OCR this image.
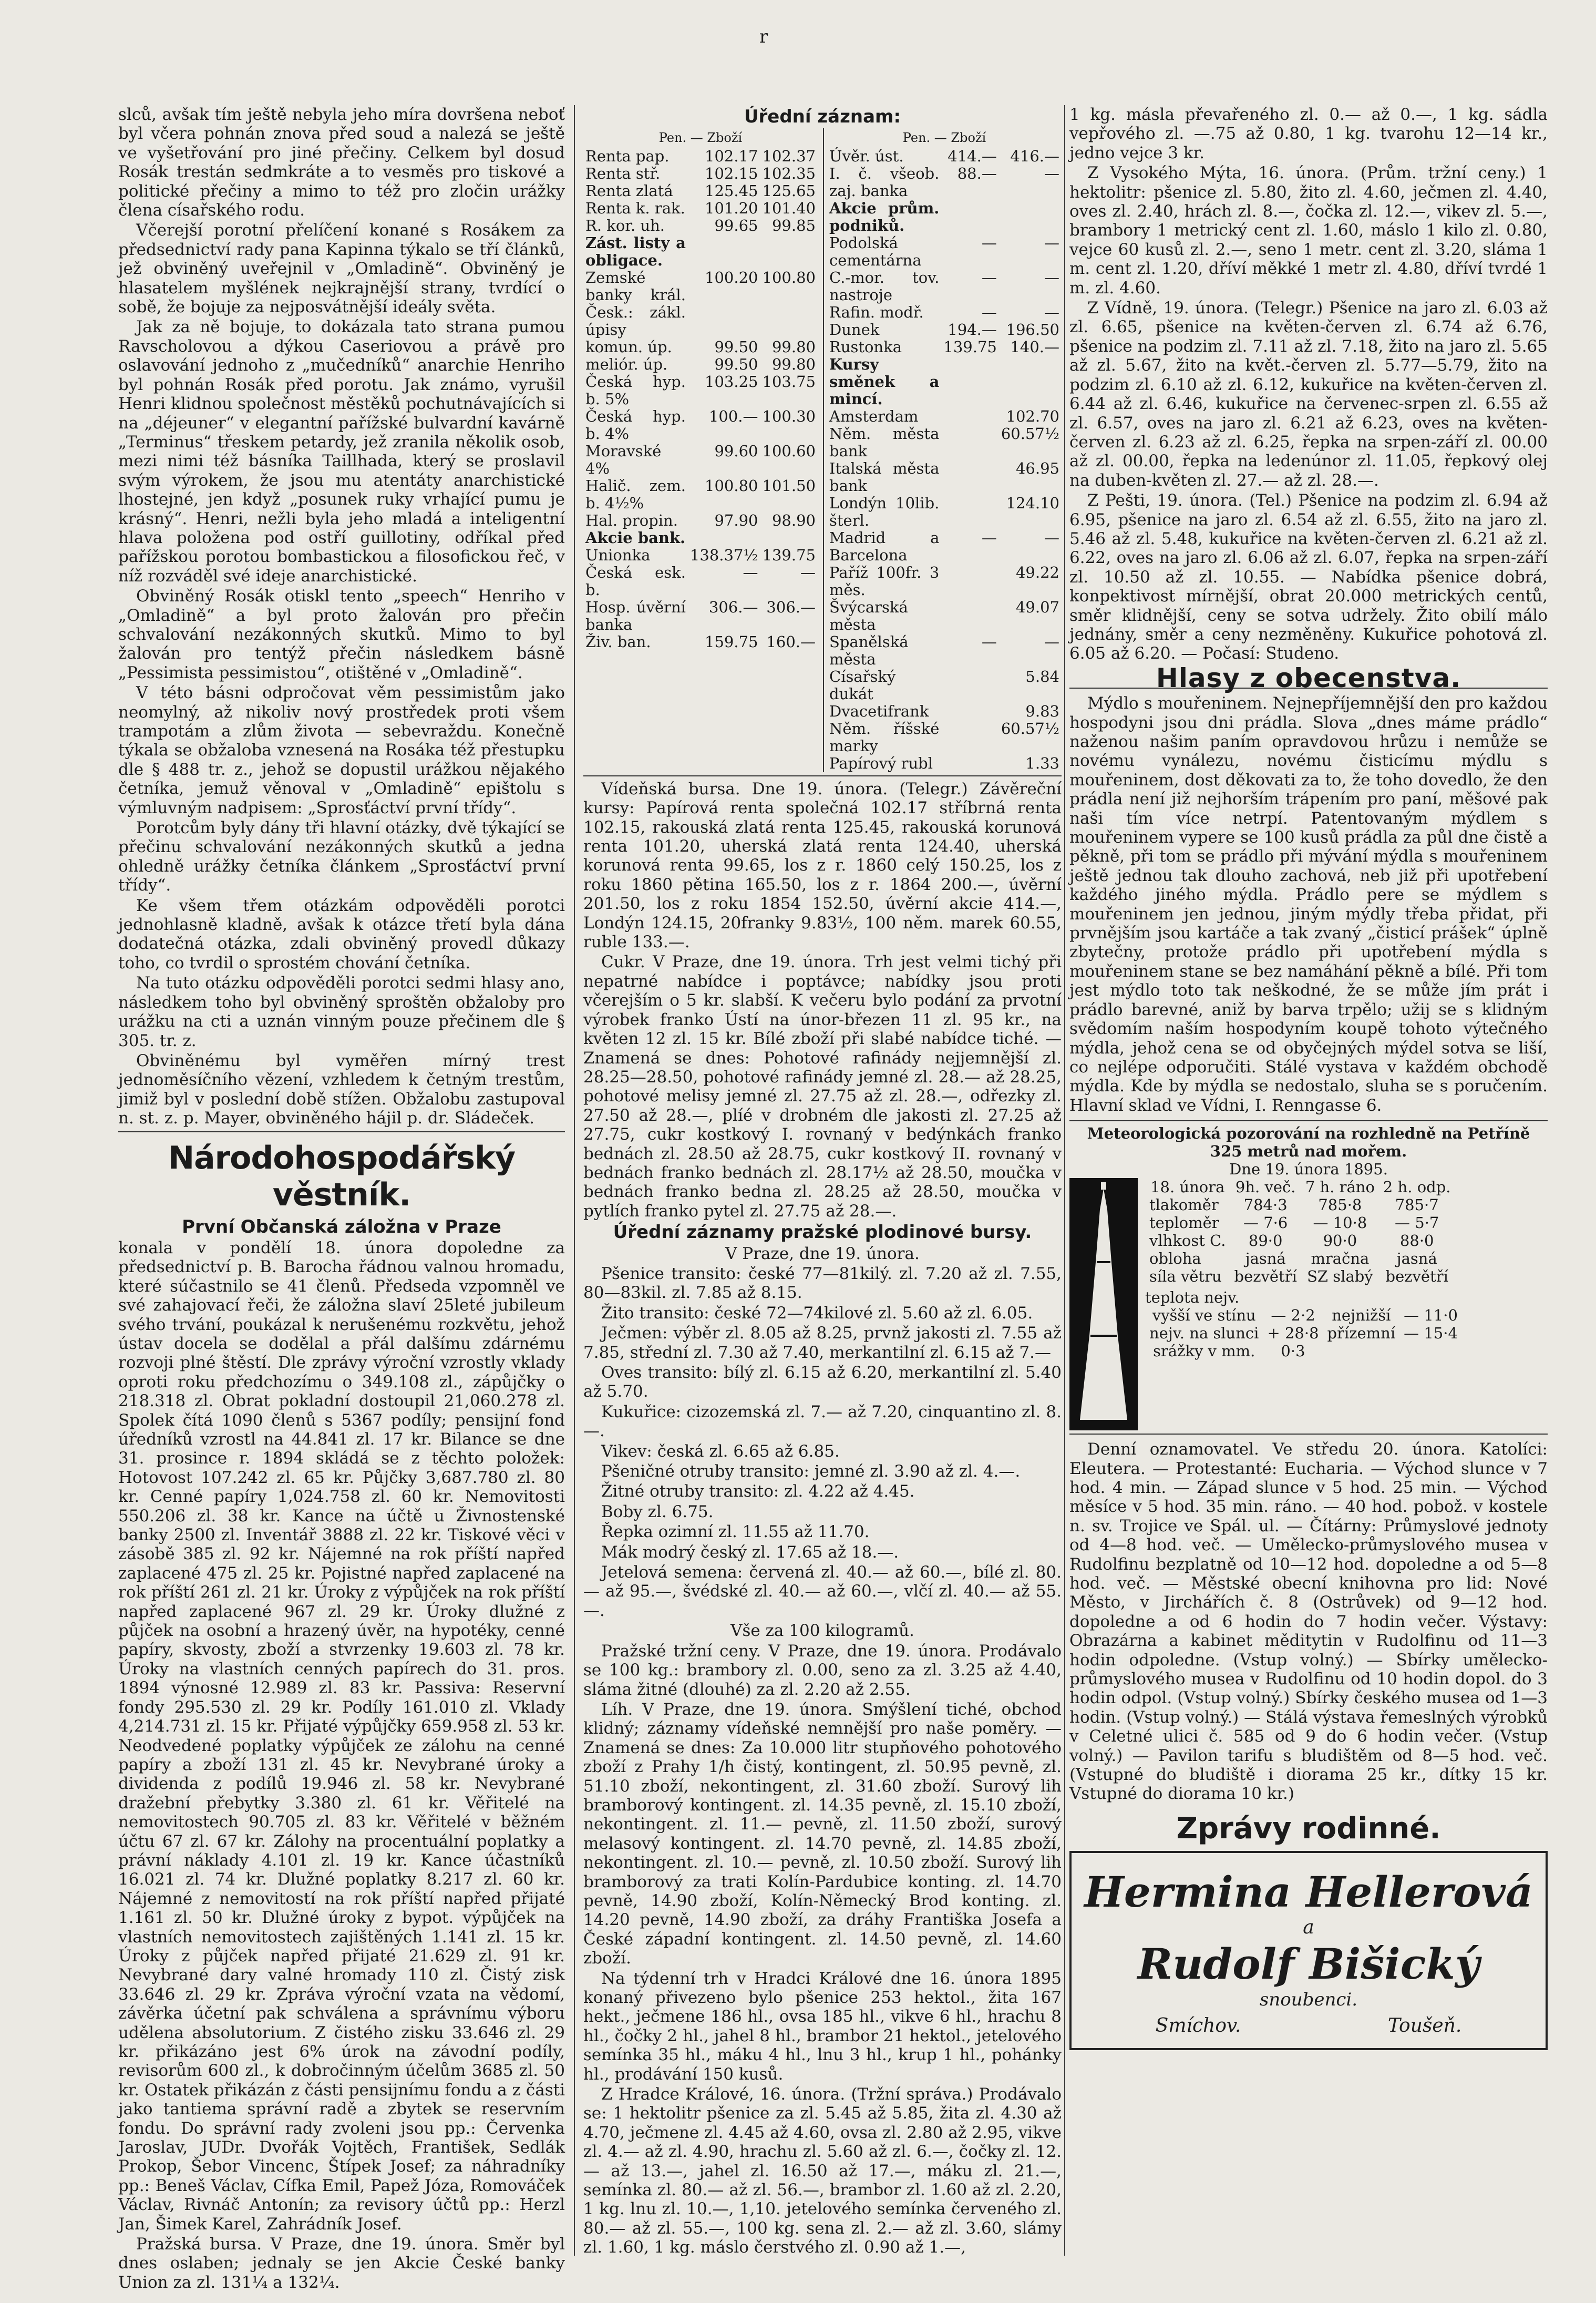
r

slců, avšak tím ještě nebyla jeho míra dovršena neboť byl včera pohnán znova před soud a nalezá se ještě ve vyšetřování pro jiné přečiny. Celkem byl dosud Rosák trestán sedmkráte a to vesměs pro tiskové a politické přečiny a mimo to též pro zločin urážky člena císařského rodu.

Včerejší porotní přelíčení konané s Rosákem za předsednictví rady pana Kapinna týkalo se tří článků, jež obviněný uveřejnil v „Omladině“. Obviněný je hlasatelem myšlének nejkrajnější strany, tvrdící o sobě, že bojuje za nejposvátnější ideály světa.

Jak za ně bojuje, to dokázala tato strana pumou Ravscholovou a dýkou Caseriovou a právě pro oslavování jednoho z „mučedníků“ anarchie Henriho byl pohnán Rosák před porotu. Jak známo, vyrušil Henri klidnou společnost městěků pochutnávajících si na „déjeuner“ v elegantní pařížské bulvardní kavárně „Terminus“ třeskem petardy, jež zranila několik osob, mezi nimi též básníka Taillhada, který se proslavil svým výrokem, že jsou mu atentáty anarchistické lhostejné, jen když „posunek ruky vrhající pumu je krásný“. Henri, nežli byla jeho mladá a inteligentní hlava položena pod ostří guillotiny, odříkal před pařížskou porotou bombastickou a filosofickou řeč, v níž rozváděl své ideje anarchistické.

Obviněný Rosák otiskl tento „speech“ Henriho v „Omladině“ a byl proto žalován pro přečin schvalování nezákonných skutků. Mimo to byl žalován pro tentýž přečin následkem básně „Pessimista pessimistou“, otištěné v „Omladině“.

V této básni odpročovat věm pessimistům jako neomylný, až nikoliv nový prostředek proti všem trampotám a zlům života — sebevraždu. Konečně týkala se obžaloba vznesená na Rosáka též přestupku dle § 488 tr. z., jehož se dopustil urážkou nějakého četníka, jemuž věnoval v „Omladině“ epištolu s výmluvným nadpisem: „Sprosťáctví první třídy“.

Porotcům byly dány tři hlavní otázky, dvě týkající se přečinu schvalování nezákonných skutků a jedna ohledně urážky četníka článkem „Sprosťáctví první třídy“.

Ke všem třem otázkám odpověděli porotci jednohlasně kladně, avšak k otázce třetí byla dána dodatečná otázka, zdali obviněný provedl důkazy toho, co tvrdil o sprostém chování četníka.

Na tuto otázku odpověděli porotci sedmi hlasy ano, následkem toho byl obviněný sproštěn obžaloby pro urážku na cti a uznán vinným pouze přečinem dle § 305. tr. z.

Obviněnému byl vyměřen mírný trest jednoměsíčního vězení, vzhledem k četným trestům, jimiž byl v poslední době stížen. Obžalobu zastupoval n. st. z. p. Mayer, obviněného hájil p. dr. Sládeček.

Národohospodářský věstník.
První Občanská záložna v Praze

konala v pondělí 18. února dopoledne za předsednictví p. B. Barocha řádnou valnou hromadu, které súčastnilo se 41 členů. Předseda vzpomněl ve své zahajovací řeči, že záložna slaví 25leté jubileum svého trvání, poukázal k nerušenému rozkvětu, jehož ústav docela se dodělal a přál dalšímu zdárnému rozvoji plné štěstí. Dle zprávy výroční vzrostly vklady oproti roku předchozímu o 349.108 zl., zápůjčky o 218.318 zl. Obrat pokladní dostoupil 21,060.278 zl. Spolek čítá 1090 členů s 5367 podíly; pensijní fond úředníků vzrostl na 44.841 zl. 17 kr. Bilance se dne 31. prosince r. 1894 skládá se z těchto položek: Hotovost 107.242 zl. 65 kr. Půjčky 3,687.780 zl. 80 kr. Cenné papíry 1,024.758 zl. 60 kr. Nemovitosti 550.206 zl. 38 kr. Kance na účtě u Živnostenské banky 2500 zl. Inventář 3888 zl. 22 kr. Tiskové věci v zásobě 385 zl. 92 kr. Nájemné na rok příští napřed zaplacené 475 zl. 25 kr. Pojistné napřed zaplacené na rok příští 261 zl. 21 kr. Úroky z výpůjček na rok příští napřed zaplacené 967 zl. 29 kr. Úroky dlužné z půjček na osobní a hrazený úvěr, na hypotéky, cenné papíry, skvosty, zboží a stvrzenky 19.603 zl. 78 kr. Úroky na vlastních cenných papírech do 31. pros. 1894 výnosné 12.989 zl. 83 kr. Passiva: Reservní fondy 295.530 zl. 29 kr. Podíly 161.010 zl. Vklady 4,214.731 zl. 15 kr. Přijaté výpůjčky 659.958 zl. 53 kr. Neodvedené poplatky výpůjček ze zálohu na cenné papíry a zboží 131 zl. 45 kr. Nevybrané úroky a dividenda z podílů 19.946 zl. 58 kr. Nevybrané dražební přebytky 3.380 zl. 61 kr. Věřitelé na nemovitostech 90.705 zl. 83 kr. Věřitelé v běžném účtu 67 zl. 67 kr. Zálohy na procentuální poplatky a právní náklady 4.101 zl. 19 kr. Kance účastníků 16.021 zl. 74 kr. Dlužné poplatky 8.217 zl. 60 kr. Nájemné z nemovitostí na rok příští napřed přijaté 1.161 zl. 50 kr. Dlužné úroky z bypot. výpůjček na vlastních nemovitostech zajištěných 1.141 zl. 15 kr. Úroky z půjček napřed přijaté 21.629 zl. 91 kr. Nevybrané dary valné hromady 110 zl. Čistý zisk 33.646 zl. 29 kr. Zpráva výroční vzata na vědomí, závěrka účetní pak schválena a správnímu výboru udělena absolutorium. Z čistého zisku 33.646 zl. 29 kr. přikázáno jest 6% úrok na závodní podíly, revisorům 600 zl., k dobročinným účelům 3685 zl. 50 kr. Ostatek přikázán z části pensijnímu fondu a z části jako tantiema správní radě a zbytek se reservním fondu. Do správní rady zvoleni jsou pp.: Červenka Jaroslav, JUDr. Dvořák Vojtěch, František, Sedlák Prokop, Šebor Vincenc, Štípek Josef; za náhradníky pp.: Beneš Václav, Cífka Emil, Papež Józa, Romováček Václav, Rivnáč Antonín; za revisory účtů pp.: Herzl Jan, Šimek Karel, Zahrádník Josef.

Pražská bursa. V Praze, dne 19. února. Směr byl dnes oslaben; jednaly se jen Akcie České banky Union za zl. 131¼ a 132¼.

Úřední záznam:
Pen. — Zboží
Renta pap.	102.17	102.37
Renta stř.	102.15	102.35
Renta zlatá	125.45	125.65
Renta k. rak.	101.20	101.40
R. kor. uh.	99.65	99.85
Zást. listy a obligace.		
Zemské banky král. Česk.: zákl. úpisy	100.20	100.80
komun. úp.	99.50	99.80
meliór. úp.	99.50	99.80
Česká hyp. b. 5%	103.25	103.75
Česká hyp. b. 4%	100.—	100.30
Moravské 4%	99.60	100.60
Halič. zem. b. 4½%	100.80	101.50
Hal. propin.	97.90	98.90
Akcie bank.		
Unionka	138.37½	139.75
Česká esk. b.	—	—
Hosp. úvěrní banka	306.—	306.—
Živ. ban.	159.75	160.—
Pen. — Zboží
Úvěr. úst.	414.—	416.—
I. č. všeob. zaj. banka	88.—	—
Akcie prům. podniků.		
Podolská cementárna	—	—
C.-mor. tov. nastroje	—	—
Rafin. modř.	—	—
Dunek	194.—	196.50
Rustonka	139.75	140.—
Kursy směnek a mincí.		
Amsterdam		102.70
Něm. města bank		60.57½
Italská města bank		46.95
Londýn 10lib. šterl.		124.10
Madrid a Barcelona	—	—
Paříž 100fr. 3 měs.		49.22
Švýcarská města		49.07
Spanělská města	—	—
Císařský dukát		5.84
Dvacetifrank		9.83
Něm. říšské marky		60.57½
Papírový rubl		1.33

Vídeňská bursa. Dne 19. února. (Telegr.) Závěreční kursy: Papírová renta společná 102.17 stříbrná renta 102.15, rakouská zlatá renta 125.45, rakouská korunová renta 101.20, uherská zlatá renta 124.40, uherská korunová renta 99.65, los z r. 1860 celý 150.25, los z roku 1860 pětina 165.50, los z r. 1864 200.—, úvěrní 201.50, los z roku 1854 152.50, úvěrní akcie 414.—, Londýn 124.15, 20franky 9.83½, 100 něm. marek 60.55, ruble 133.—.

Cukr. V Praze, dne 19. února. Trh jest velmi tichý při nepatrné nabídce i poptávce; nabídky jsou proti včerejším o 5 kr. slabší. K večeru bylo podání za prvotní výrobek franko Ústí na únor-březen 11 zl. 95 kr., na květen 12 zl. 15 kr. Bílé zboží při slabé nabídce tiché. — Znamená se dnes: Pohotové rafinády nejjemnější zl. 28.25—28.50, pohotové rafinády jemné zl. 28.— až 28.25, pohotové melisy jemné zl. 27.75 až zl. 28.—, odřezky zl. 27.50 až 28.—, plíé v drobném dle jakosti zl. 27.25 až 27.75, cukr kostkový I. rovnaný v bedýnkách franko bednách zl. 28.50 až 28.75, cukr kostkový II. rovnaný v bednách franko bednách zl. 28.17½ až 28.50, moučka v bednách franko bedna zl. 28.25 až 28.50, moučka v pytlích franko pytel zl. 27.75 až 28.—.

Úřední záznamy pražské plodinové bursy.

V Praze, dne 19. února.

Pšenice transito: české 77—81kilý. zl. 7.20 až zl. 7.55, 80—83kil. zl. 7.85 až 8.15.

Žito transito: české 72—74kilové zl. 5.60 až zl. 6.05.

Ječmen: výběr zl. 8.05 až 8.25, prvnž jakosti zl. 7.55 až 7.85, střední zl. 7.30 až 7.40, merkantilní zl. 6.15 až 7.—

Oves transito: bílý zl. 6.15 až 6.20, merkantilní zl. 5.40 až 5.70.

Kukuřice: cizozemská zl. 7.— až 7.20, cinquantino zl. 8.—.

Vikev: česká zl. 6.65 až 6.85.

Pšeničné otruby transito: jemné zl. 3.90 až zl. 4.—.

Žitné otruby transito: zl. 4.22 až 4.45.

Boby zl. 6.75.

Řepka ozimní zl. 11.55 až 11.70.

Mák modrý český zl. 17.65 až 18.—.

Jetelová semena: červená zl. 40.— až 60.—, bílé zl. 80.— až 95.—, švédské zl. 40.— až 60.—, vlčí zl. 40.— až 55.—.

Vše za 100 kilogramů.

Pražské tržní ceny. V Praze, dne 19. února. Prodávalo se 100 kg.: brambory zl. 0.00, seno za zl. 3.25 až 4.40, sláma žitné (dlouhé) za zl. 2.20 až 2.55.

Líh. V Praze, dne 19. února. Smýšlení tiché, obchod klidný; záznamy vídeňské nemnější pro naše poměry. — Znamená se dnes: Za 10.000 litr stupňového pohotového zboží z Prahy 1/h čistý, kontingent, zl. 50.95 pevně, zl. 51.10 zboží, nekontingent, zl. 31.60 zboží. Surový lih bramborový kontingent. zl. 14.35 pevně, zl. 15.10 zboží, nekontingent. zl. 11.— pevně, zl. 11.50 zboží, surový melasový kontingent. zl. 14.70 pevně, zl. 14.85 zboží, nekontingent. zl. 10.— pevně, zl. 10.50 zboží. Surový lih bramborový za trati Kolín-Pardubice konting. zl. 14.70 pevně, 14.90 zboží, Kolín-Německý Brod konting. zl. 14.20 pevně, 14.90 zboží, za dráhy Františka Josefa a České západní kontingent. zl. 14.50 pevně, zl. 14.60 zboží.

Na týdenní trh v Hradci Králové dne 16. února 1895 konaný přivezeno bylo pšenice 253 hektol., žita 167 hekt., ječmene 186 hl., ovsa 185 hl., vikve 6 hl., hrachu 8 hl., čočky 2 hl., jahel 8 hl., brambor 21 hektol., jetelového semínka 35 hl., máku 4 hl., lnu 3 hl., krup 1 hl., pohánky hl., prodávání 150 kusů.

Z Hradce Králové, 16. února. (Tržní správa.) Prodávalo se: 1 hektolitr pšenice za zl. 5.45 až 5.85, žita zl. 4.30 až 4.70, ječmene zl. 4.45 až 4.60, ovsa zl. 2.80 až 2.95, vikve zl. 4.— až zl. 4.90, hrachu zl. 5.60 až zl. 6.—, čočky zl. 12.— až 13.—, jahel zl. 16.50 až 17.—, máku zl. 21.—, semínka zl. 80.— až zl. 56.—, brambor zl. 1.60 až zl. 2.20, 1 kg. lnu zl. 10.—, 1,10. jetelového semínka červeného zl. 80.— až zl. 55.—, 100 kg. sena zl. 2.— až zl. 3.60, slámy zl. 1.60, 1 kg. máslo čerstvého zl. 0.90 až 1.—,

1 kg. másla převařeného zl. 0.— až 0.—, 1 kg. sádla vepřového zl. —.75 až 0.80, 1 kg. tvarohu 12—14 kr., jedno vejce 3 kr.

Z Vysokého Mýta, 16. února. (Prům. tržní ceny.) 1 hektolitr: pšenice zl. 5.80, žito zl. 4.60, ječmen zl. 4.40, oves zl. 2.40, hrách zl. 8.—, čočka zl. 12.—, vikev zl. 5.—, brambory 1 metrický cent zl. 1.60, máslo 1 kilo zl. 0.80, vejce 60 kusů zl. 2.—, seno 1 metr. cent zl. 3.20, sláma 1 m. cent zl. 1.20, dříví měkké 1 metr zl. 4.80, dříví tvrdé 1 m. zl. 4.60.

Z Vídně, 19. února. (Telegr.) Pšenice na jaro zl. 6.03 až zl. 6.65, pšenice na květen-červen zl. 6.74 až 6.76, pšenice na podzim zl. 7.11 až zl. 7.18, žito na jaro zl. 5.65 až zl. 5.67, žito na květ.-červen zl. 5.77—5.79, žito na podzim zl. 6.10 až zl. 6.12, kukuřice na květen-červen zl. 6.44 až zl. 6.46, kukuřice na červenec-srpen zl. 6.55 až zl. 6.57, oves na jaro zl. 6.21 až 6.23, oves na květen-červen zl. 6.23 až zl. 6.25, řepka na srpen-září zl. 00.00 až zl. 00.00, řepka na ledenúnor zl. 11.05, řepkový olej na duben-květen zl. 27.— až zl. 28.—.

Z Pešti, 19. února. (Tel.) Pšenice na podzim zl. 6.94 až 6.95, pšenice na jaro zl. 6.54 až zl. 6.55, žito na jaro zl. 5.46 až zl. 5.48, kukuřice na květen-červen zl. 6.21 až zl. 6.22, oves na jaro zl. 6.06 až zl. 6.07, řepka na srpen-září zl. 10.50 až zl. 10.55. — Nabídka pšenice dobrá, konpektivost mírnější, obrat 20.000 metrických centů, směr klidnější, ceny se sotva udržely. Žito obilí málo jednány, směr a ceny nezměněny. Kukuřice pohotová zl. 6.05 až 6.20. — Počasí: Studeno.

Hlasy z obecenstva.

Mýdlo s mouřeninem. Nejnepříjemnější den pro každou hospodyni jsou dni prádla. Slova „dnes máme prádlo“ naženou našim paním opravdovou hrůzu i nemůže se novému vynálezu, novému čisticímu mýdlu s mouřeninem, dost děkovati za to, že toho dovedlo, že den prádla není již nejhorším trápením pro paní, měšové pak naši tím více netrpí. Patentovaným mýdlem s mouřeninem vypere se 100 kusů prádla za půl dne čistě a pěkně, při tom se prádlo při mývání mýdla s mouřeninem ještě jednou tak dlouho zachová, neb již při upotřebení každého jiného mýdla. Prádlo pere se mýdlem s mouřeninem jen jednou, jiným mýdly třeba přidat, při prvnějším jsou kartáče a tak zvaný „čisticí prášek“ úplně zbytečny, protože prádlo při upotřebení mýdla s mouřeninem stane se bez namáhání pěkně a bílé. Při tom jest mýdlo toto tak neškodné, že se může jím prát i prádlo barevné, aniž by barva trpělo; užij se s klidným svědomím naším hospodyním koupě tohoto výtečného mýdla, jehož cena se od obyčejných mýdel sotva se liší, co nejlépe odporučiti. Stálé vystava v každém obchodě mýdla. Kde by mýdla se nedostalo, sluha se s poručením. Hlavní sklad ve Vídni, I. Renngasse 6.

Meteorologická pozorování na rozhledně na Petříně 325 metrů nad mořem.
Dne 19. února 1895.
18. února	9h. več.	7 h. ráno	2 h. odp.
tlakoměr	784·3	785·8	785·7
teploměr	— 7·6	— 10·8	— 5·7
vlhkost C.	89·0	90·0	88·0
obloha	jasná	mračna	jasná
síla větru	bezvětří	SZ slabý	bezvětří
teplota nejv.
vyšší ve stínu	— 2·2	nejnižší	— 11·0
nejv. na slunci	+ 28·8	přízemní	— 15·4
srážky v mm.	0·3		

Denní oznamovatel. Ve středu 20. února. Katolíci: Eleutera. — Protestanté: Eucharia. — Východ slunce v 7 hod. 4 min. — Západ slunce v 5 hod. 25 min. — Východ měsíce v 5 hod. 35 min. ráno. — 40 hod. pobož. v kostele n. sv. Trojice ve Spál. ul. — Čítárny: Průmyslové jednoty od 4—8 hod. več. — Umělecko-průmyslového musea v Rudolfinu bezplatně od 10—12 hod. dopoledne a od 5—8 hod. več. — Městské obecní knihovna pro lid: Nové Město, v Jirchářích č. 8 (Ostrůvek) od 9—12 hod. dopoledne a od 6 hodin do 7 hodin večer. Výstavy: Obrazárna a kabinet měditytin v Rudolfinu od 11—3 hodin odpoledne. (Vstup volný.) — Sbírky umělecko-průmyslového musea v Rudolfinu od 10 hodin dopol. do 3 hodin odpol. (Vstup volný.) Sbírky českého musea od 1—3 hodin. (Vstup volný.) — Stálá výstava řemeslných výrobků v Celetné ulici č. 585 od 9 do 6 hodin večer. (Vstup volný.) — Pavilon tarifu s bludištěm od 8—5 hod. več. (Vstupné do bludiště i diorama 25 kr., dítky 15 kr. Vstupné do diorama 10 kr.)

Zprávy rodinné.
Hermina Hellerová
a
Rudolf Bišický
snoubenci.
Smíchov.	Toušeň.
